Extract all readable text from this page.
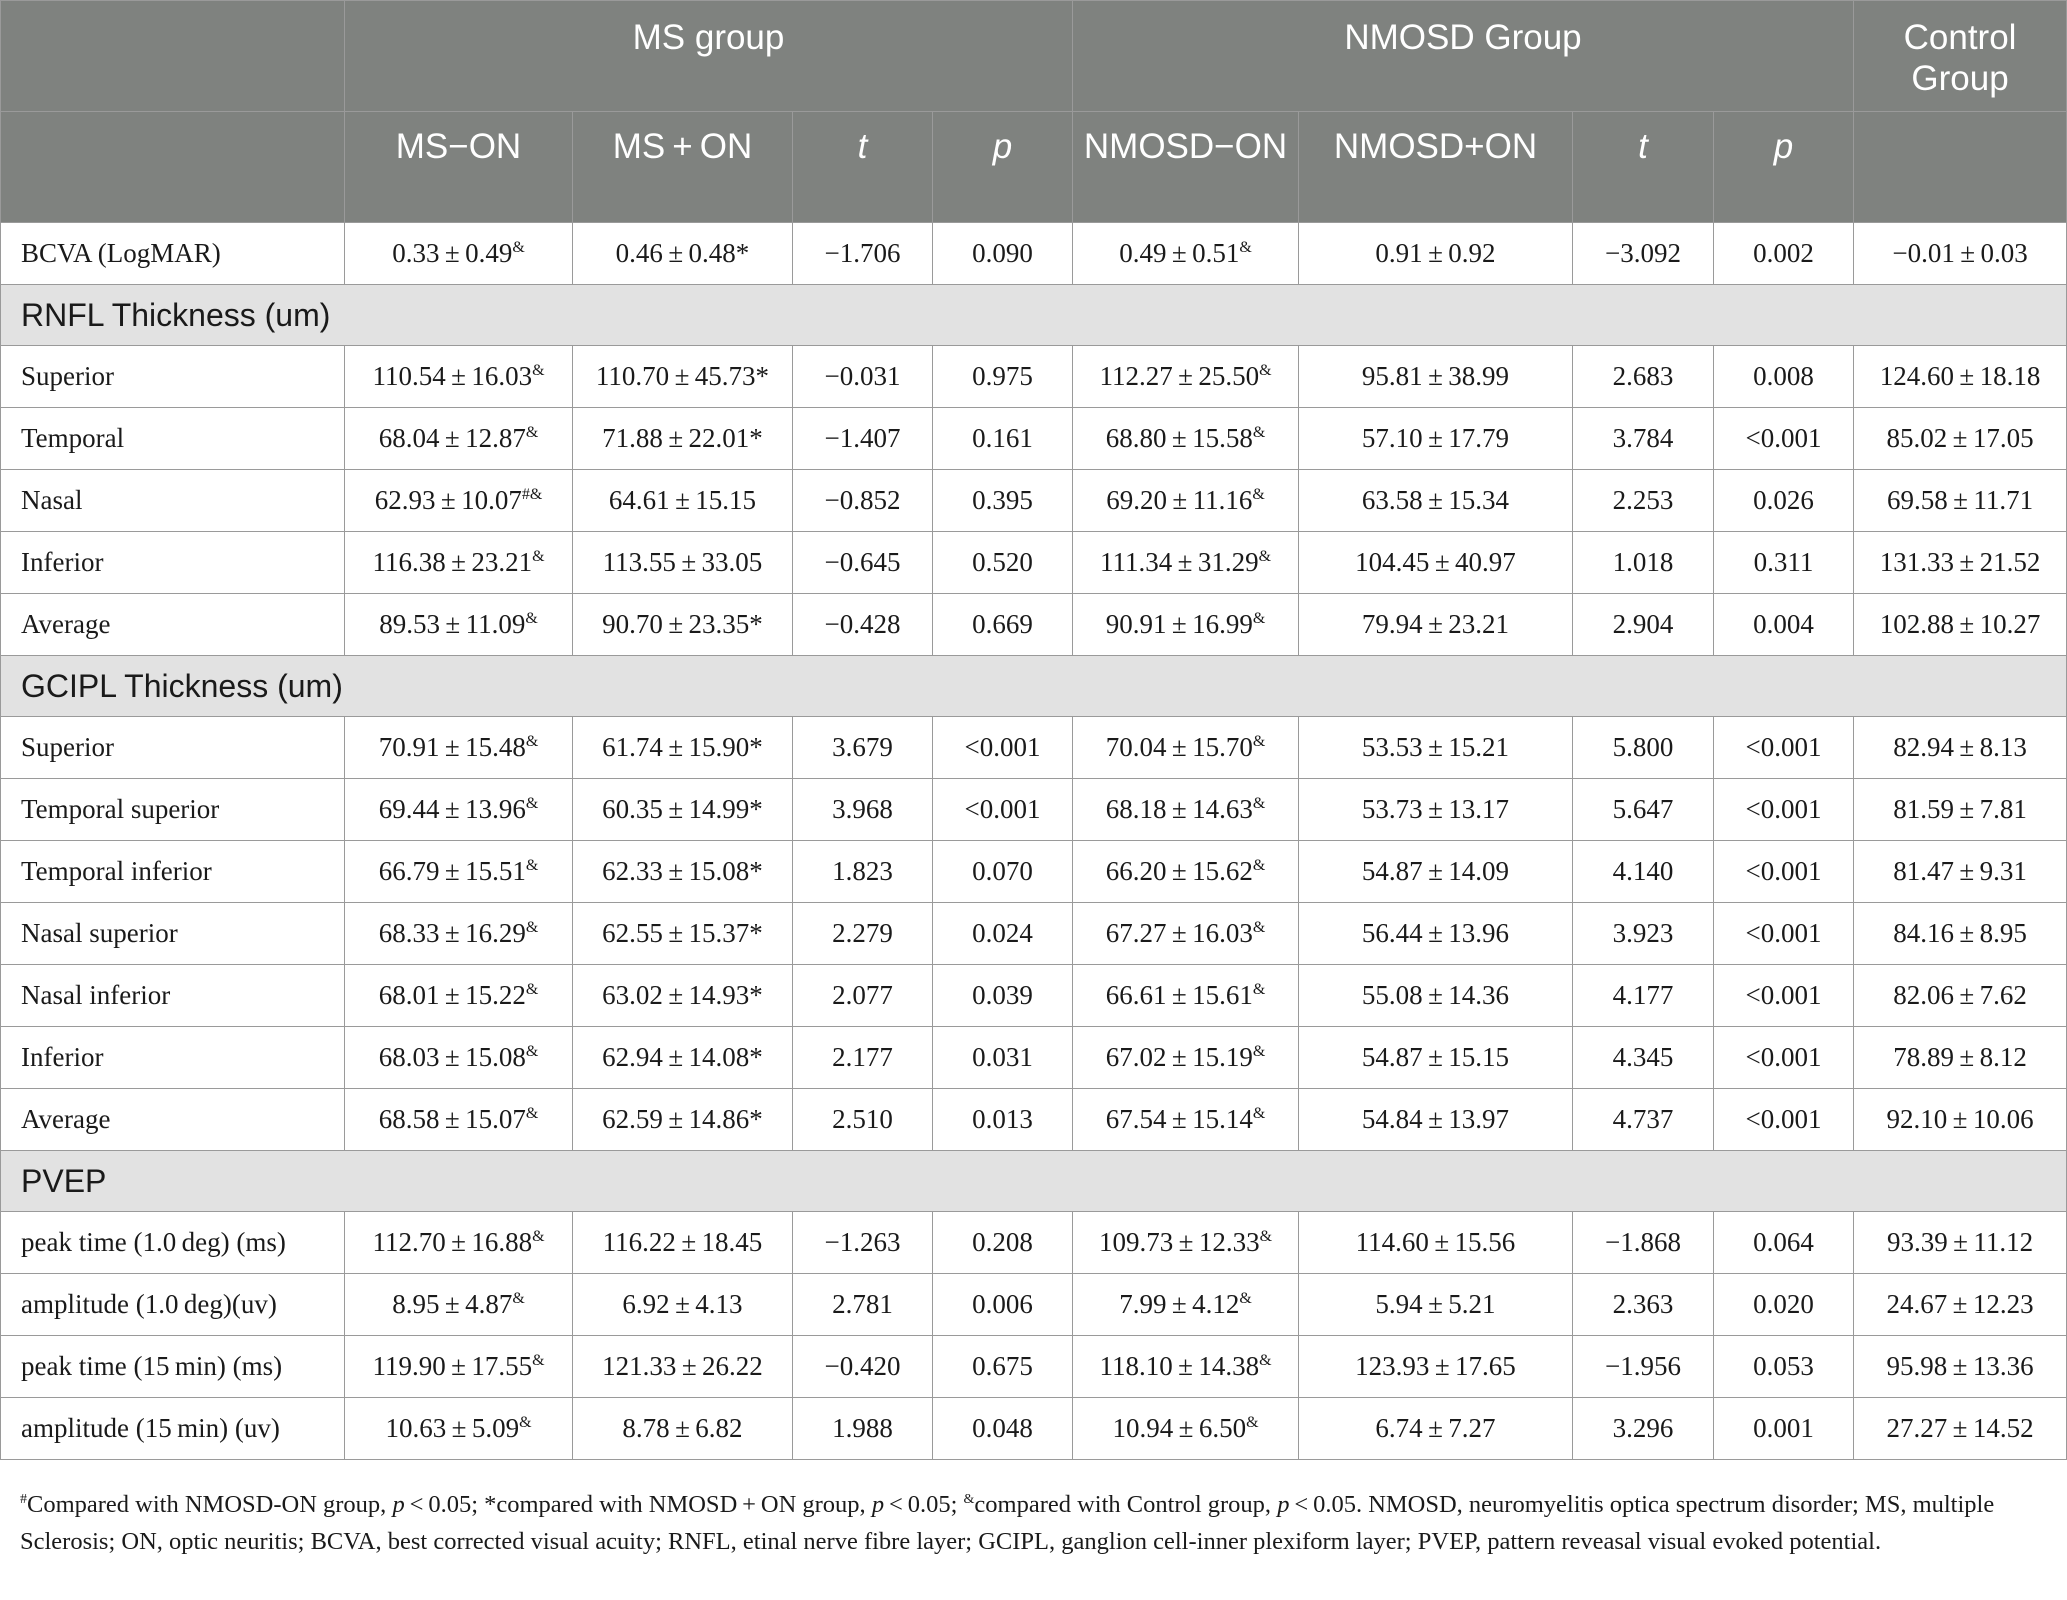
	MS group				NMOSD Group				Control Group
	MS−ON	MS + ON	t	p	NMOSD−ON	NMOSD+ON	t	p	
BCVA (LogMAR)	0.33 ± 0.49&	0.46 ± 0.48*	−1.706	0.090	0.49 ± 0.51&	0.91 ± 0.92	−3.092	0.002	−0.01 ± 0.03
RNFL Thickness (um)									
Superior	110.54 ± 16.03&	110.70 ± 45.73*	−0.031	0.975	112.27 ± 25.50&	95.81 ± 38.99	2.683	0.008	124.60 ± 18.18
Temporal	68.04 ± 12.87&	71.88 ± 22.01*	−1.407	0.161	68.80 ± 15.58&	57.10 ± 17.79	3.784	<0.001	85.02 ± 17.05
Nasal	62.93 ± 10.07#&	64.61 ± 15.15	−0.852	0.395	69.20 ± 11.16&	63.58 ± 15.34	2.253	0.026	69.58 ± 11.71
Inferior	116.38 ± 23.21&	113.55 ± 33.05	−0.645	0.520	111.34 ± 31.29&	104.45 ± 40.97	1.018	0.311	131.33 ± 21.52
Average	89.53 ± 11.09&	90.70 ± 23.35*	−0.428	0.669	90.91 ± 16.99&	79.94 ± 23.21	2.904	0.004	102.88 ± 10.27
GCIPL Thickness (um)									
Superior	70.91 ± 15.48&	61.74 ± 15.90*	3.679	<0.001	70.04 ± 15.70&	53.53 ± 15.21	5.800	<0.001	82.94 ± 8.13
Temporal superior	69.44 ± 13.96&	60.35 ± 14.99*	3.968	<0.001	68.18 ± 14.63&	53.73 ± 13.17	5.647	<0.001	81.59 ± 7.81
Temporal inferior	66.79 ± 15.51&	62.33 ± 15.08*	1.823	0.070	66.20 ± 15.62&	54.87 ± 14.09	4.140	<0.001	81.47 ± 9.31
Nasal superior	68.33 ± 16.29&	62.55 ± 15.37*	2.279	0.024	67.27 ± 16.03&	56.44 ± 13.96	3.923	<0.001	84.16 ± 8.95
Nasal inferior	68.01 ± 15.22&	63.02 ± 14.93*	2.077	0.039	66.61 ± 15.61&	55.08 ± 14.36	4.177	<0.001	82.06 ± 7.62
Inferior	68.03 ± 15.08&	62.94 ± 14.08*	2.177	0.031	67.02 ± 15.19&	54.87 ± 15.15	4.345	<0.001	78.89 ± 8.12
Average	68.58 ± 15.07&	62.59 ± 14.86*	2.510	0.013	67.54 ± 15.14&	54.84 ± 13.97	4.737	<0.001	92.10 ± 10.06
PVEP									
peak time (1.0 deg) (ms)	112.70 ± 16.88&	116.22 ± 18.45	−1.263	0.208	109.73 ± 12.33&	114.60 ± 15.56	−1.868	0.064	93.39 ± 11.12
amplitude (1.0 deg)(uv)	8.95 ± 4.87&	6.92 ± 4.13	2.781	0.006	7.99 ± 4.12&	5.94 ± 5.21	2.363	0.020	24.67 ± 12.23
peak time (15 min) (ms)	119.90 ± 17.55&	121.33 ± 26.22	−0.420	0.675	118.10 ± 14.38&	123.93 ± 17.65	−1.956	0.053	95.98 ± 13.36
amplitude (15 min) (uv)	10.63 ± 5.09&	8.78 ± 6.82	1.988	0.048	10.94 ± 6.50&	6.74 ± 7.27	3.296	0.001	27.27 ± 14.52
#Compared with NMOSD-ON group, p < 0.05; *compared with NMOSD + ON group, p < 0.05; &compared with Control group, p < 0.05. NMOSD, neuromyelitis optica spectrum disorder; MS, multiple Sclerosis; ON, optic neuritis; BCVA, best corrected visual acuity; RNFL, etinal nerve fibre layer; GCIPL, ganglion cell-inner plexiform layer; PVEP, pattern reveasal visual evoked potential.
